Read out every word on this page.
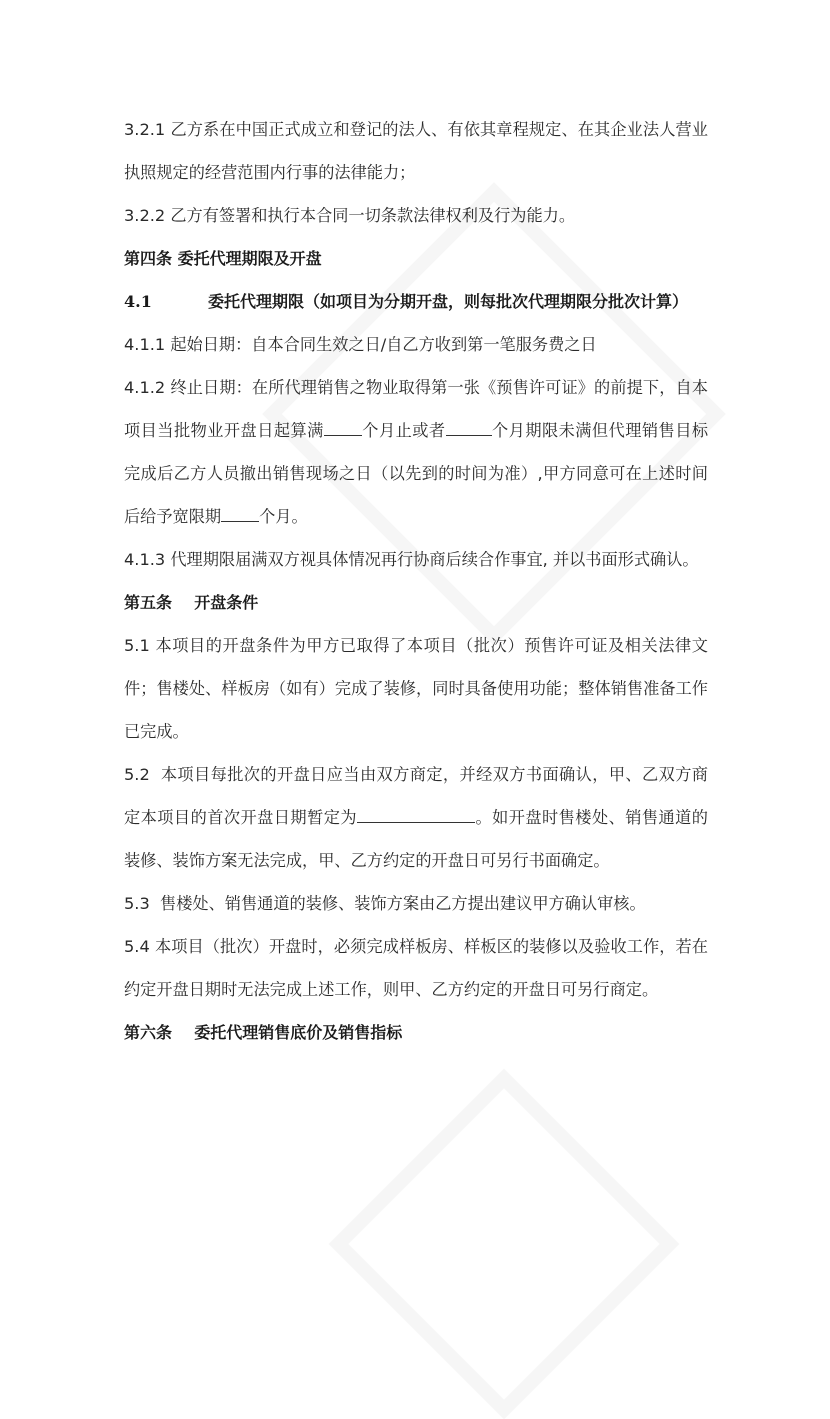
3.2.1 乙方系在中国正式成立和登记的法人、有依其章程规定、在其企业法人营业执照规定的经营范围内行事的法律能力；

3.2.2 乙方有签署和执行本合同一切条款法律权利及行为能力。

第四条 委托代理期限及开盘

4.1	委托代理期限（如项目为分期开盘，则每批次代理期限分批次计算）

4.1.1 起始日期：自本合同生效之日/自乙方收到第一笔服务费之日

4.1.2 终止日期：在所代理销售之物业取得第一张《预售许可证》的前提下，自本项目当批物业开盘日起算满 个月止或者	个月期限未满但代理销售目标完成后乙方人员撤出销售现场之日（以先到的时间为准）,甲方同意可在上述时间后给予宽限期 个月。

4.1.3 代理期限届满双方视具体情况再行协商后续合作事宜, 并以书面形式确认。

第五条    开盘条件

5.1 本项目的开盘条件为甲方已取得了本项目（批次）预售许可证及相关法律文件；售楼处、样板房（如有）完成了装修，同时具备使用功能；整体销售准备工作已完成。

5.2  本项目每批次的开盘日应当由双方商定，并经双方书面确认，甲、乙双方商定本项目的首次开盘日期暂定为	。如开盘时售楼处、销售通道的装修、装饰方案无法完成，甲、乙方约定的开盘日可另行书面确定。

5.3  售楼处、销售通道的装修、装饰方案由乙方提出建议甲方确认审核。

5.4 本项目（批次）开盘时，必须完成样板房、样板区的装修以及验收工作，若在约定开盘日期时无法完成上述工作，则甲、乙方约定的开盘日可另行商定。

第六条    委托代理销售底价及销售指标
